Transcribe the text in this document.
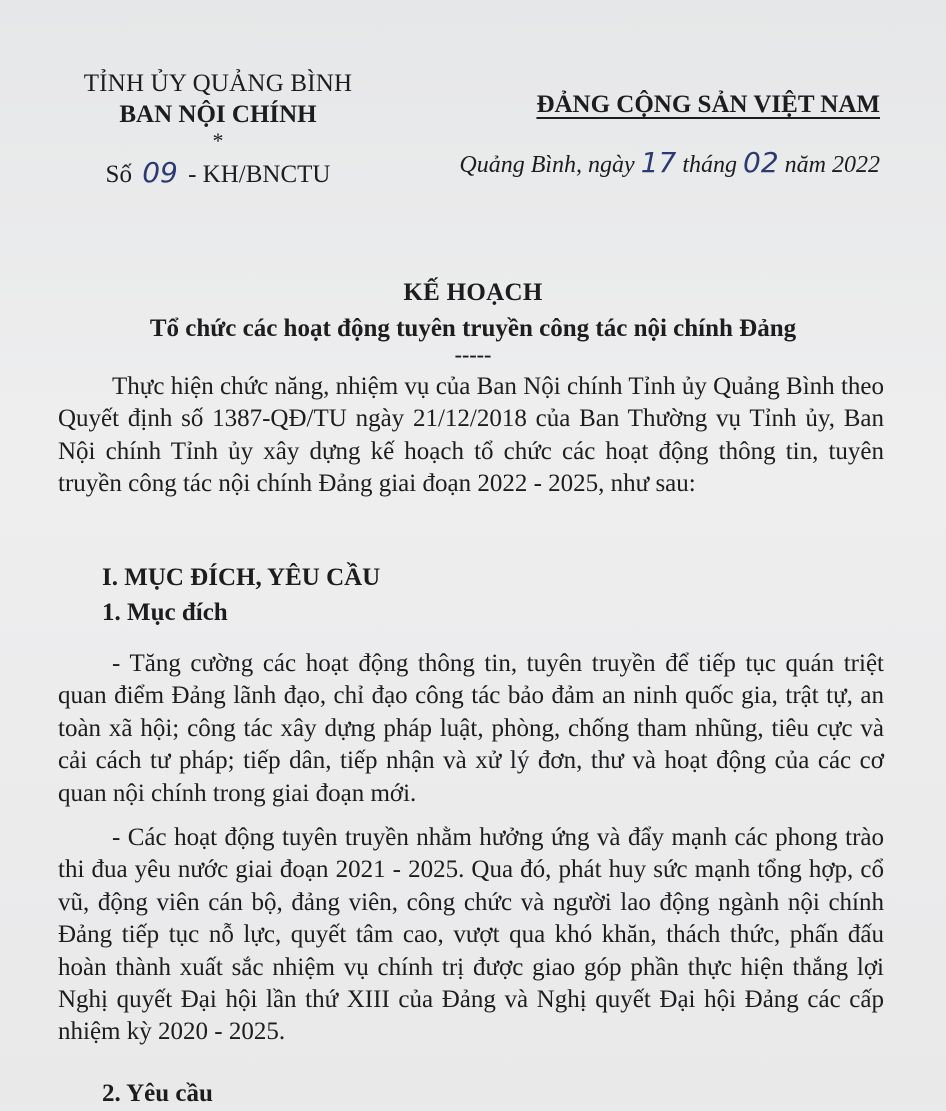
TỈNH ỦY QUẢNG BÌNH
BAN NỘI CHÍNH
*
Số 09 - KH/BNCTU
ĐẢNG CỘNG SẢN VIỆT NAM
Quảng Bình, ngày 17 tháng 02 năm 2022
KẾ HOẠCH
Tổ chức các hoạt động tuyên truyền công tác nội chính Đảng
-----

Thực hiện chức năng, nhiệm vụ của Ban Nội chính Tỉnh ủy Quảng Bình theo Quyết định số 1387-QĐ/TU ngày 21/12/2018 của Ban Thường vụ Tỉnh ủy, Ban Nội chính Tỉnh ủy xây dựng kế hoạch tổ chức các hoạt động thông tin, tuyên truyền công tác nội chính Đảng giai đoạn 2022 - 2025, như sau:

I. MỤC ĐÍCH, YÊU CẦU
1. Mục đích

- Tăng cường các hoạt động thông tin, tuyên truyền để tiếp tục quán triệt quan điểm Đảng lãnh đạo, chỉ đạo công tác bảo đảm an ninh quốc gia, trật tự, an toàn xã hội; công tác xây dựng pháp luật, phòng, chống tham nhũng, tiêu cực và cải cách tư pháp; tiếp dân, tiếp nhận và xử lý đơn, thư và hoạt động của các cơ quan nội chính trong giai đoạn mới.

- Các hoạt động tuyên truyền nhằm hưởng ứng và đẩy mạnh các phong trào thi đua yêu nước giai đoạn 2021 - 2025. Qua đó, phát huy sức mạnh tổng hợp, cổ vũ, động viên cán bộ, đảng viên, công chức và người lao động ngành nội chính Đảng tiếp tục nỗ lực, quyết tâm cao, vượt qua khó khăn, thách thức, phấn đấu hoàn thành xuất sắc nhiệm vụ chính trị được giao góp phần thực hiện thắng lợi Nghị quyết Đại hội lần thứ XIII của Đảng và Nghị quyết Đại hội Đảng các cấp nhiệm kỳ 2020 - 2025.

2. Yêu cầu
